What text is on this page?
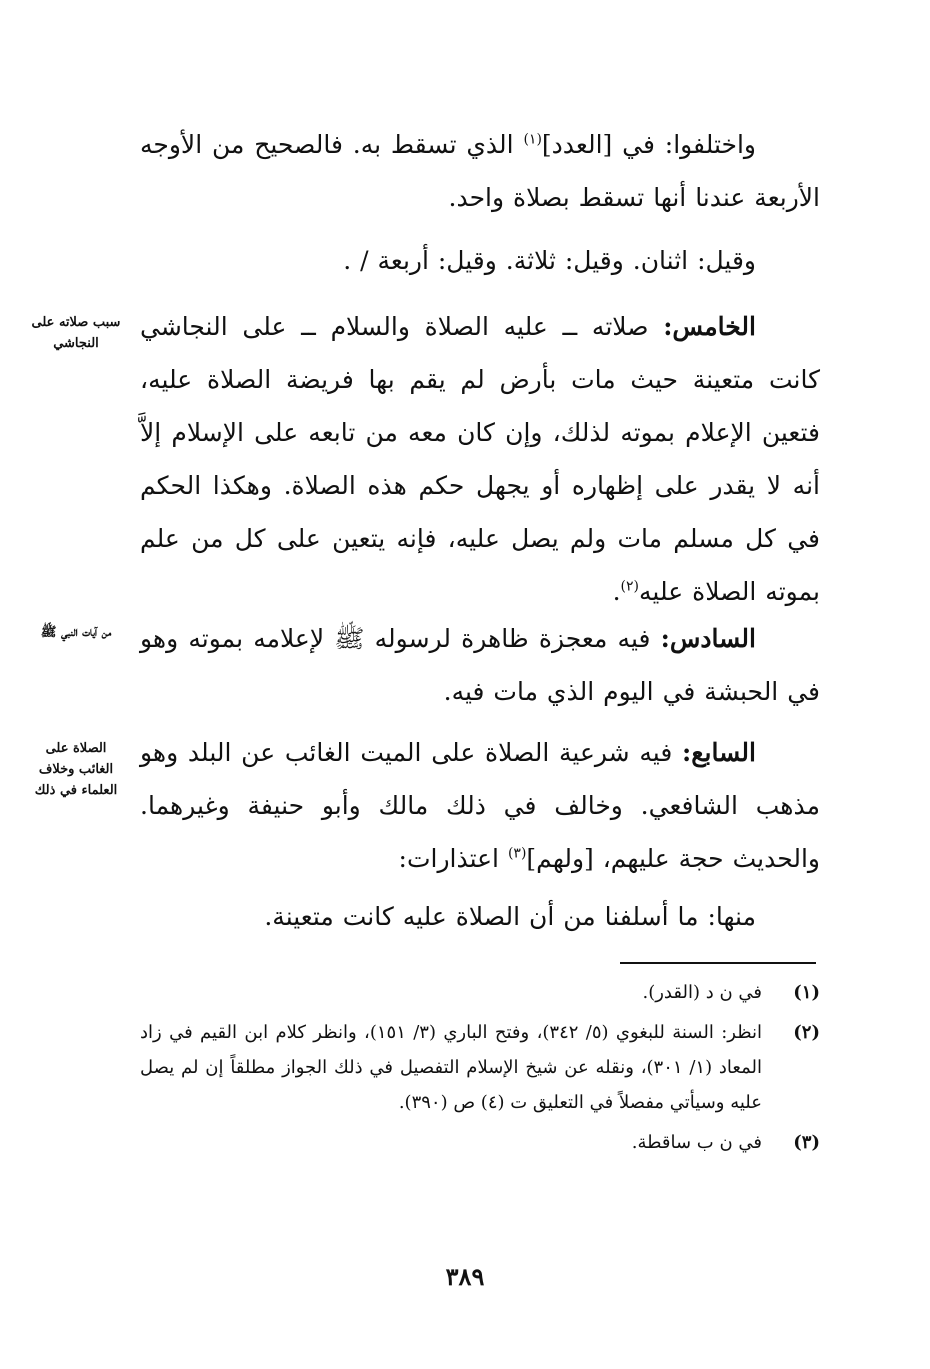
واختلفوا: في [العدد]$^{(١)}$ الذي تسقط به. فالصحيح من الأوجه الأربعة عندنا أنها تسقط بصلاة واحد.

وقيل: اثنان. وقيل: ثلاثة. وقيل: أربعة / .

الخامس: صلاته ــ عليه الصلاة والسلام ــ على النجاشي كانت متعينة حيث مات بأرض لم يقم بها فريضة الصلاة عليه، فتعين الإعلام بموته لذلك، وإن كان معه من تابعه على الإسلام إلاَّ أنه لا يقدر على إظهاره أو يجهل حكم هذه الصلاة. وهكذا الحكم في كل مسلم مات ولم يصل عليه، فإنه يتعين على كل من علم بموته الصلاة عليه$^{(٢)}$.

سبب صلاته على النجاشي

السادس: فيه معجزة ظاهرة لرسوله ﷺ لإعلامه بموته وهو في الحبشة في اليوم الذي مات فيه.

من آيات النبي ﷺ

السابع: فيه شرعية الصلاة على الميت الغائب عن البلد وهو مذهب الشافعي. وخالف في ذلك مالك وأبو حنيفة وغيرهما. والحديث حجة عليهم، [ولهم]$^{(٣)}$ اعتذارات:

الصلاة على الغائب وخلاف العلماء في ذلك

منها: ما أسلفنا من أن الصلاة عليه كانت متعينة.

(١)
في ن د (القدر).
(٢)
انظر: السنة للبغوي (٥/ ٣٤٢)، وفتح الباري (٣/ ١٥١)، وانظر كلام ابن القيم في زاد المعاد (١/ ٣٠١)، ونقله عن شيخ الإسلام التفصيل في ذلك الجواز مطلقاً إن لم يصل عليه وسيأتي مفصلاً في التعليق ت (٤) ص (٣٩٠).
(٣)
في ن ب ساقطة.
٣٨٩
